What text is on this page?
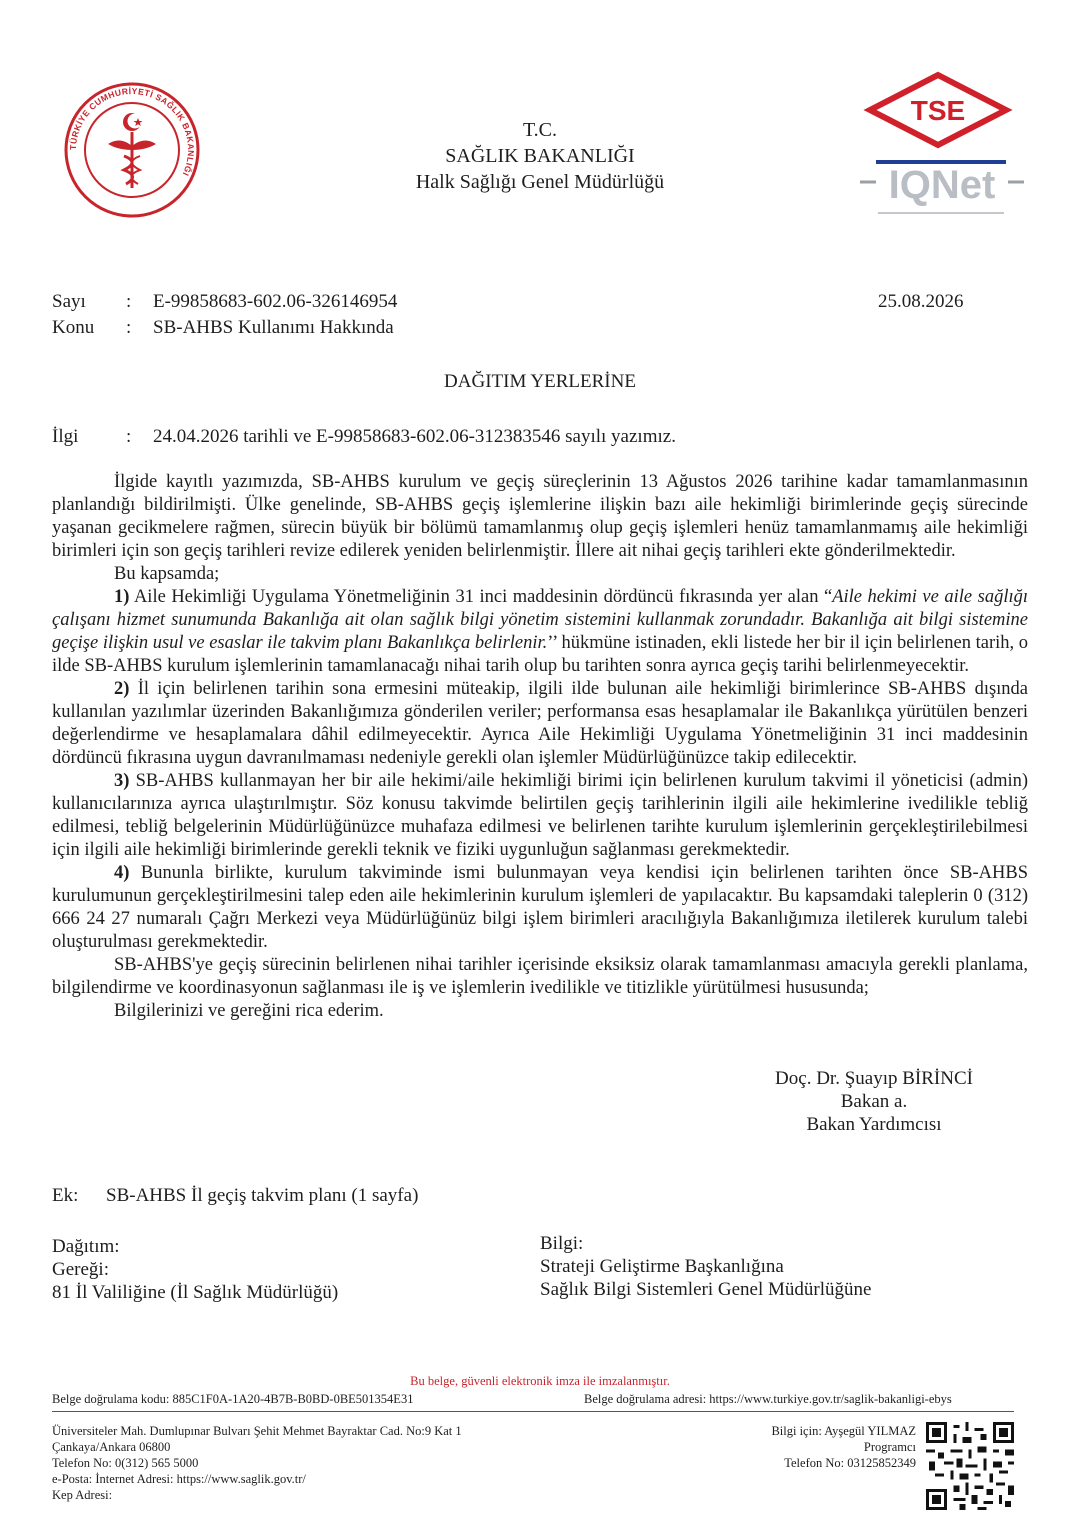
TÜRKİYE CUMHURİYETİ SAĞLIK BAKANLIĞI
T.C.
SAĞLIK BAKANLIĞI
Halk Sağlığı Genel Müdürlüğü
TSE
IQNet
Sayı : E-99858683-602.06-326146954	25.08.2026
Konu : SB-AHBS Kullanımı Hakkında
DAĞITIM YERLERİNE
İlgi	: 24.04.2026 tarihli ve E-99858683-602.06-312383546 sayılı yazımız.

İlgide kayıtlı yazımızda, SB-AHBS kurulum ve geçiş süreçlerinin 13 Ağustos 2026 tarihine kadar tamamlanmasının planlandığı bildirilmişti. Ülke genelinde, SB-AHBS geçiş işlemlerine ilişkin bazı aile hekimliği birimlerinde geçiş sürecinde yaşanan gecikmelere rağmen, sürecin büyük bir bölümü tamamlanmış olup geçiş işlemleri henüz tamamlanmamış aile hekimliği birimleri için son geçiş tarihleri revize edilerek yeniden belirlenmiştir. İllere ait nihai geçiş tarihleri ekte gönderilmektedir.

Bu kapsamda;

1) Aile Hekimliği Uygulama Yönetmeliğinin 31 inci maddesinin dördüncü fıkrasında yer alan “Aile hekimi ve aile sağlığı çalışanı hizmet sunumunda Bakanlığa ait olan sağlık bilgi yönetim sistemini kullanmak zorundadır. Bakanlığa ait bilgi sistemine geçişe ilişkin usul ve esaslar ile takvim planı Bakanlıkça belirlenir.’’ hükmüne istinaden, ekli listede her bir il için belirlenen tarih, o ilde SB-AHBS kurulum işlemlerinin tamamlanacağı nihai tarih olup bu tarihten sonra ayrıca geçiş tarihi belirlenmeyecektir.

2) İl için belirlenen tarihin sona ermesini müteakip, ilgili ilde bulunan aile hekimliği birimlerince SB-AHBS dışında kullanılan yazılımlar üzerinden Bakanlığımıza gönderilen veriler; performansa esas hesaplamalar ile Bakanlıkça yürütülen benzeri değerlendirme ve hesaplamalara dâhil edilmeyecektir. Ayrıca Aile Hekimliği Uygulama Yönetmeliğinin 31 inci maddesinin dördüncü fıkrasına uygun davranılmaması nedeniyle gerekli olan işlemler Müdürlüğünüzce takip edilecektir.

3) SB-AHBS kullanmayan her bir aile hekimi/aile hekimliği birimi için belirlenen kurulum takvimi il yöneticisi (admin) kullanıcılarınıza ayrıca ulaştırılmıştır. Söz konusu takvimde belirtilen geçiş tarihlerinin ilgili aile hekimlerine ivedilikle tebliğ edilmesi, tebliğ belgelerinin Müdürlüğünüzce muhafaza edilmesi ve belirlenen tarihte kurulum işlemlerinin gerçekleştirilebilmesi için ilgili aile hekimliği birimlerinde gerekli teknik ve fiziki uygunluğun sağlanması gerekmektedir.

4) Bununla birlikte, kurulum takviminde ismi bulunmayan veya kendisi için belirlenen tarihten önce SB-AHBS kurulumunun gerçekleştirilmesini talep eden aile hekimlerinin kurulum işlemleri de yapılacaktır. Bu kapsamdaki taleplerin 0 (312) 666 24 27 numaralı Çağrı Merkezi veya Müdürlüğünüz bilgi işlem birimleri aracılığıyla Bakanlığımıza iletilerek kurulum talebi oluşturulması gerekmektedir.

SB-AHBS'ye geçiş sürecinin belirlenen nihai tarihler içerisinde eksiksiz olarak tamamlanması amacıyla gerekli planlama, bilgilendirme ve koordinasyonun sağlanması ile iş ve işlemlerin ivedilikle ve titizlikle yürütülmesi hususunda;

Bilgilerinizi ve gereğini rica ederim.

Doç. Dr. Şuayıp BİRİNCİ
Bakan a.
Bakan Yardımcısı
Ek: SB-AHBS İl geçiş takvim planı (1 sayfa)
Dağıtım:
Gereği:
81 İl Valiliğine (İl Sağlık Müdürlüğü)
Bilgi:
Strateji Geliştirme Başkanlığına
Sağlık Bilgi Sistemleri Genel Müdürlüğüne
Bu belge, güvenli elektronik imza ile imzalanmıştır.
Belge doğrulama kodu: 885C1F0A-1A20-4B7B-B0BD-0BE501354E31	Belge doğrulama adresi: https://www.turkiye.gov.tr/saglik-bakanligi-ebys
Üniversiteler Mah. Dumlupınar Bulvarı Şehit Mehmet Bayraktar Cad. No:9 Kat 1
Çankaya/Ankara 06800
Telefon No: 0(312) 565 5000
e-Posta: İnternet Adresi: https://www.saglik.gov.tr/
Kep Adresi:
Bilgi için: Ayşegül YILMAZ
Programcı
Telefon No: 03125852349
